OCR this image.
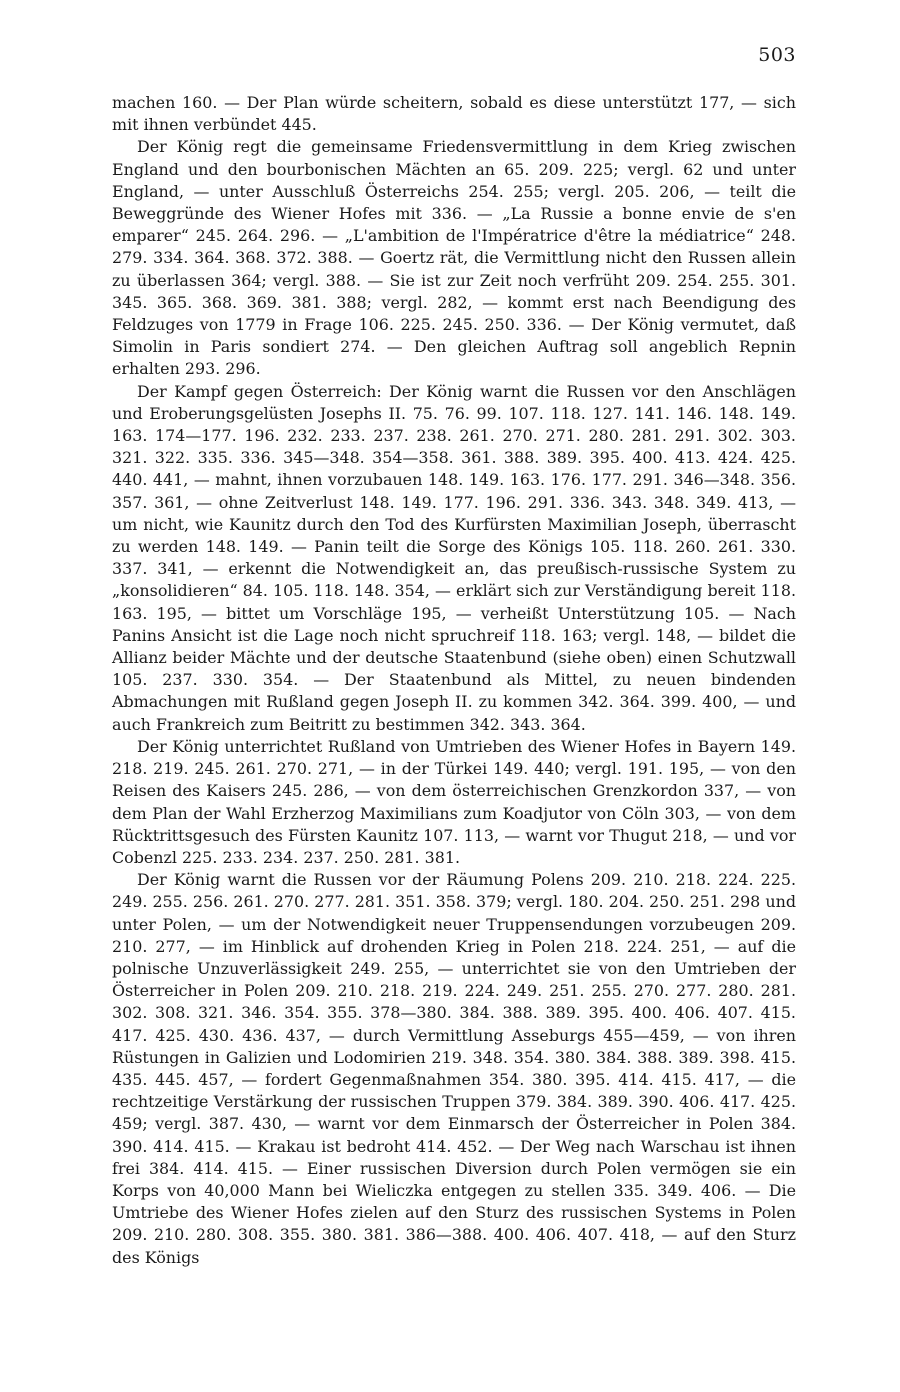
503

machen 160. — Der Plan würde scheitern, sobald es diese unterstützt 177, — sich mit ihnen verbündet 445.

Der König regt die gemeinsame Friedensvermittlung in dem Krieg zwischen England und den bourbonischen Mächten an 65. 209. 225; vergl. 62 und unter England, — unter Ausschluß Österreichs 254. 255; vergl. 205. 206, — teilt die Beweggründe des Wiener Hofes mit 336. — „La Russie a bonne envie de s'en emparer“ 245. 264. 296. — „L'ambition de l'Impératrice d'être la médiatrice“ 248. 279. 334. 364. 368. 372. 388. — Goertz rät, die Vermittlung nicht den Russen allein zu überlassen 364; vergl. 388. — Sie ist zur Zeit noch verfrüht 209. 254. 255. 301. 345. 365. 368. 369. 381. 388; vergl. 282, — kommt erst nach Beendigung des Feldzuges von 1779 in Frage 106. 225. 245. 250. 336. — Der König vermutet, daß Simolin in Paris sondiert 274. — Den gleichen Auftrag soll angeblich Repnin erhalten 293. 296.

Der Kampf gegen Österreich: Der König warnt die Russen vor den Anschlägen und Eroberungsgelüsten Josephs II. 75. 76. 99. 107. 118. 127. 141. 146. 148. 149. 163. 174—177. 196. 232. 233. 237. 238. 261. 270. 271. 280. 281. 291. 302. 303. 321. 322. 335. 336. 345—348. 354—358. 361. 388. 389. 395. 400. 413. 424. 425. 440. 441, — mahnt, ihnen vorzubauen 148. 149. 163. 176. 177. 291. 346—348. 356. 357. 361, — ohne Zeitverlust 148. 149. 177. 196. 291. 336. 343. 348. 349. 413, — um nicht, wie Kaunitz durch den Tod des Kurfürsten Maximilian Joseph, überrascht zu werden 148. 149. — Panin teilt die Sorge des Königs 105. 118. 260. 261. 330. 337. 341, — erkennt die Notwendigkeit an, das preußisch-russische System zu „konsolidieren“ 84. 105. 118. 148. 354, — erklärt sich zur Verständigung bereit 118. 163. 195, — bittet um Vorschläge 195, — verheißt Unterstützung 105. — Nach Panins Ansicht ist die Lage noch nicht spruchreif 118. 163; vergl. 148, — bildet die Allianz beider Mächte und der deutsche Staatenbund (siehe oben) einen Schutzwall 105. 237. 330. 354. — Der Staatenbund als Mittel, zu neuen bindenden Abmachungen mit Rußland gegen Joseph II. zu kommen 342. 364. 399. 400, — und auch Frankreich zum Beitritt zu bestimmen 342. 343. 364.

Der König unterrichtet Rußland von Umtrieben des Wiener Hofes in Bayern 149. 218. 219. 245. 261. 270. 271, — in der Türkei 149. 440; vergl. 191. 195, — von den Reisen des Kaisers 245. 286, — von dem österreichischen Grenzkordon 337, — von dem Plan der Wahl Erzherzog Maximilians zum Koadjutor von Cöln 303, — von dem Rücktrittsgesuch des Fürsten Kaunitz 107. 113, — warnt vor Thugut 218, — und vor Cobenzl 225. 233. 234. 237. 250. 281. 381.

Der König warnt die Russen vor der Räumung Polens 209. 210. 218. 224. 225. 249. 255. 256. 261. 270. 277. 281. 351. 358. 379; vergl. 180. 204. 250. 251. 298 und unter Polen, — um der Notwendigkeit neuer Truppensendungen vorzubeugen 209. 210. 277, — im Hinblick auf drohenden Krieg in Polen 218. 224. 251, — auf die polnische Unzuverlässigkeit 249. 255, — unterrichtet sie von den Umtrieben der Österreicher in Polen 209. 210. 218. 219. 224. 249. 251. 255. 270. 277. 280. 281. 302. 308. 321. 346. 354. 355. 378—380. 384. 388. 389. 395. 400. 406. 407. 415. 417. 425. 430. 436. 437, — durch Vermittlung Asseburgs 455—459, — von ihren Rüstungen in Galizien und Lodomirien 219. 348. 354. 380. 384. 388. 389. 398. 415. 435. 445. 457, — fordert Gegenmaßnahmen 354. 380. 395. 414. 415. 417, — die rechtzeitige Verstärkung der russischen Truppen 379. 384. 389. 390. 406. 417. 425. 459; vergl. 387. 430, — warnt vor dem Einmarsch der Österreicher in Polen 384. 390. 414. 415. — Krakau ist bedroht 414. 452. — Der Weg nach Warschau ist ihnen frei 384. 414. 415. — Einer russischen Diversion durch Polen vermögen sie ein Korps von 40,000 Mann bei Wieliczka entgegen zu stellen 335. 349. 406. — Die Umtriebe des Wiener Hofes zielen auf den Sturz des russischen Systems in Polen 209. 210. 280. 308. 355. 380. 381. 386—388. 400. 406. 407. 418, — auf den Sturz des Königs
